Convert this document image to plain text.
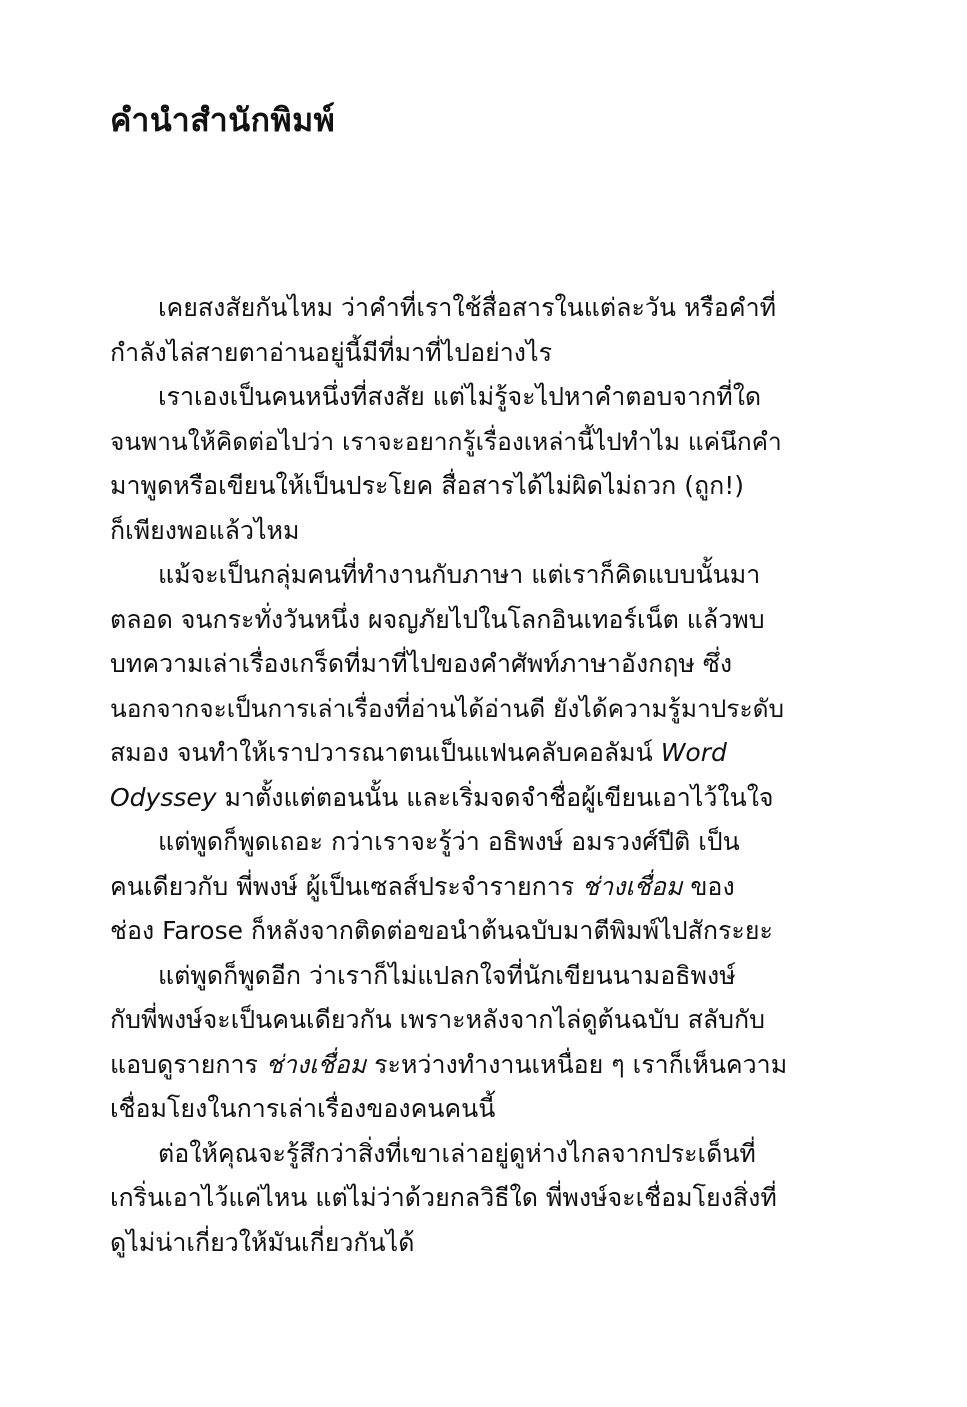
คำนำสำนักพิมพ์
เคยสงสัยกันไหม ว่าคำที่เราใช้สื่อสารในแต่ละวัน หรือคำที่
กำลังไล่สายตาอ่านอยู่นี้มีที่มาที่ไปอย่างไร
เราเองเป็นคนหนึ่งที่สงสัย แต่ไม่รู้จะไปหาคำตอบจากที่ใด
จนพานให้คิดต่อไปว่า เราจะอยากรู้เรื่องเหล่านี้ไปทำไม แค่นึกคำ
มาพูดหรือเขียนให้เป็นประโยค สื่อสารได้ไม่ผิดไม่ถวก (ถูก!)
ก็เพียงพอแล้วไหม
แม้จะเป็นกลุ่มคนที่ทำงานกับภาษา แต่เราก็คิดแบบนั้นมา
ตลอด จนกระทั่งวันหนึ่ง ผจญภัยไปในโลกอินเทอร์เน็ต แล้วพบ
บทความเล่าเรื่องเกร็ดที่มาที่ไปของคำศัพท์ภาษาอังกฤษ ซึ่ง
นอกจากจะเป็นการเล่าเรื่องที่อ่านได้อ่านดี ยังได้ความรู้มาประดับ
สมอง จนทำให้เราปวารณาตนเป็นแฟนคลับคอลัมน์ Word
Odyssey มาตั้งแต่ตอนนั้น และเริ่มจดจำชื่อผู้เขียนเอาไว้ในใจ
แต่พูดก็พูดเถอะ กว่าเราจะรู้ว่า อธิพงษ์ อมรวงศ์ปีติ เป็น
คนเดียวกับ พี่พงษ์ ผู้เป็นเซลส์ประจำรายการ ช่างเชื่อม ของ
ช่อง Farose ก็หลังจากติดต่อขอนำต้นฉบับมาตีพิมพ์ไปสักระยะ
แต่พูดก็พูดอีก ว่าเราก็ไม่แปลกใจที่นักเขียนนามอธิพงษ์
กับพี่พงษ์จะเป็นคนเดียวกัน เพราะหลังจากไล่ดูต้นฉบับ สลับกับ
แอบดูรายการ ช่างเชื่อม ระหว่างทำงานเหนื่อย ๆ เราก็เห็นความ
เชื่อมโยงในการเล่าเรื่องของคนคนนี้
ต่อให้คุณจะรู้สึกว่าสิ่งที่เขาเล่าอยู่ดูห่างไกลจากประเด็นที่
เกริ่นเอาไว้แค่ไหน แต่ไม่ว่าด้วยกลวิธีใด พี่พงษ์จะเชื่อมโยงสิ่งที่
ดูไม่น่าเกี่ยวให้มันเกี่ยวกันได้
